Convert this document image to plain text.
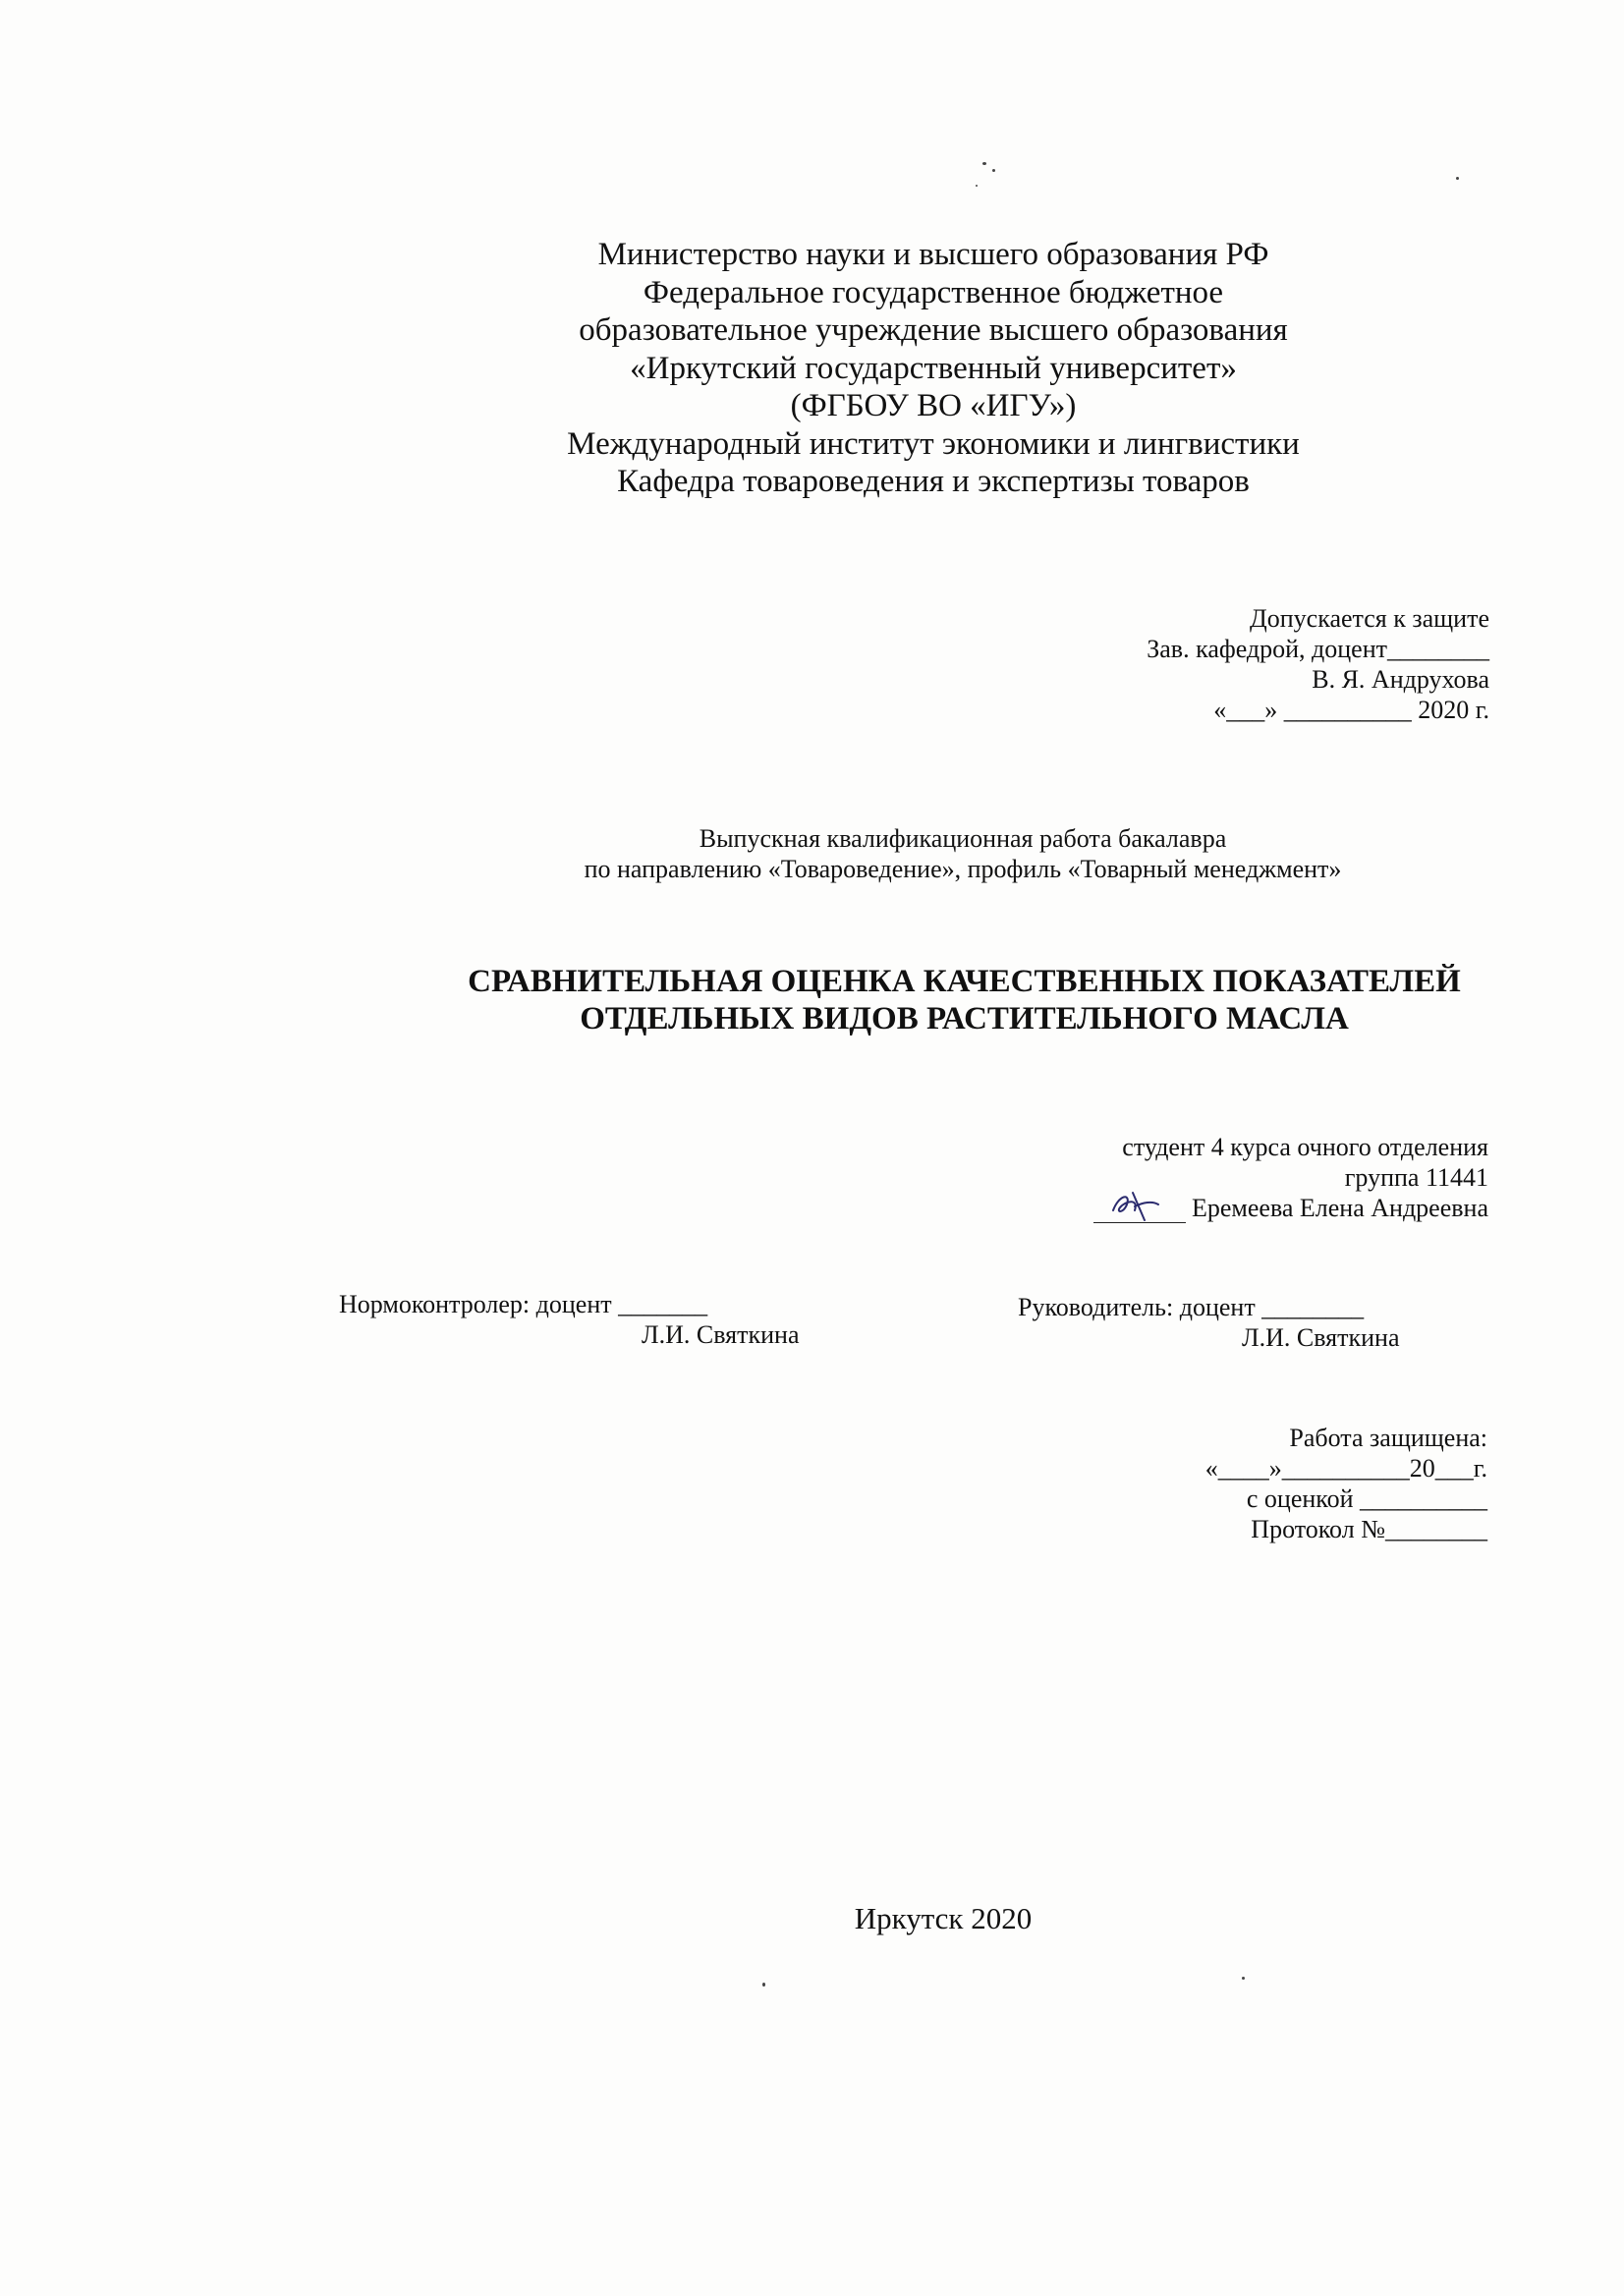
Министерство науки и высшего образования РФ
Федеральное государственное бюджетное
образовательное учреждение высшего образования
«Иркутский государственный университет»
(ФГБОУ ВО «ИГУ»)
Международный институт экономики и лингвистики
Кафедра товароведения и экспертизы товаров
Допускается к защите
Зав. кафедрой, доцент________
В. Я. Андрухова
«___» __________ 2020 г.
Выпускная квалификационная работа бакалавра
по направлению «Товароведение», профиль «Товарный менеджмент»
СРАВНИТЕЛЬНАЯ ОЦЕНКА КАЧЕСТВЕННЫХ ПОКАЗАТЕЛЕЙ
ОТДЕЛЬНЫХ ВИДОВ РАСТИТЕЛЬНОГО МАСЛА
студент 4 курса очного отделения
группа 11441
Еремеева Елена Андреевна
Нормоконтролер: доцент _______
Л.И. Святкина
Руководитель: доцент ________
Л.И. Святкина
Работа защищена:
«____»__________20___г.
с оценкой __________
Протокол №________
Иркутск 2020
